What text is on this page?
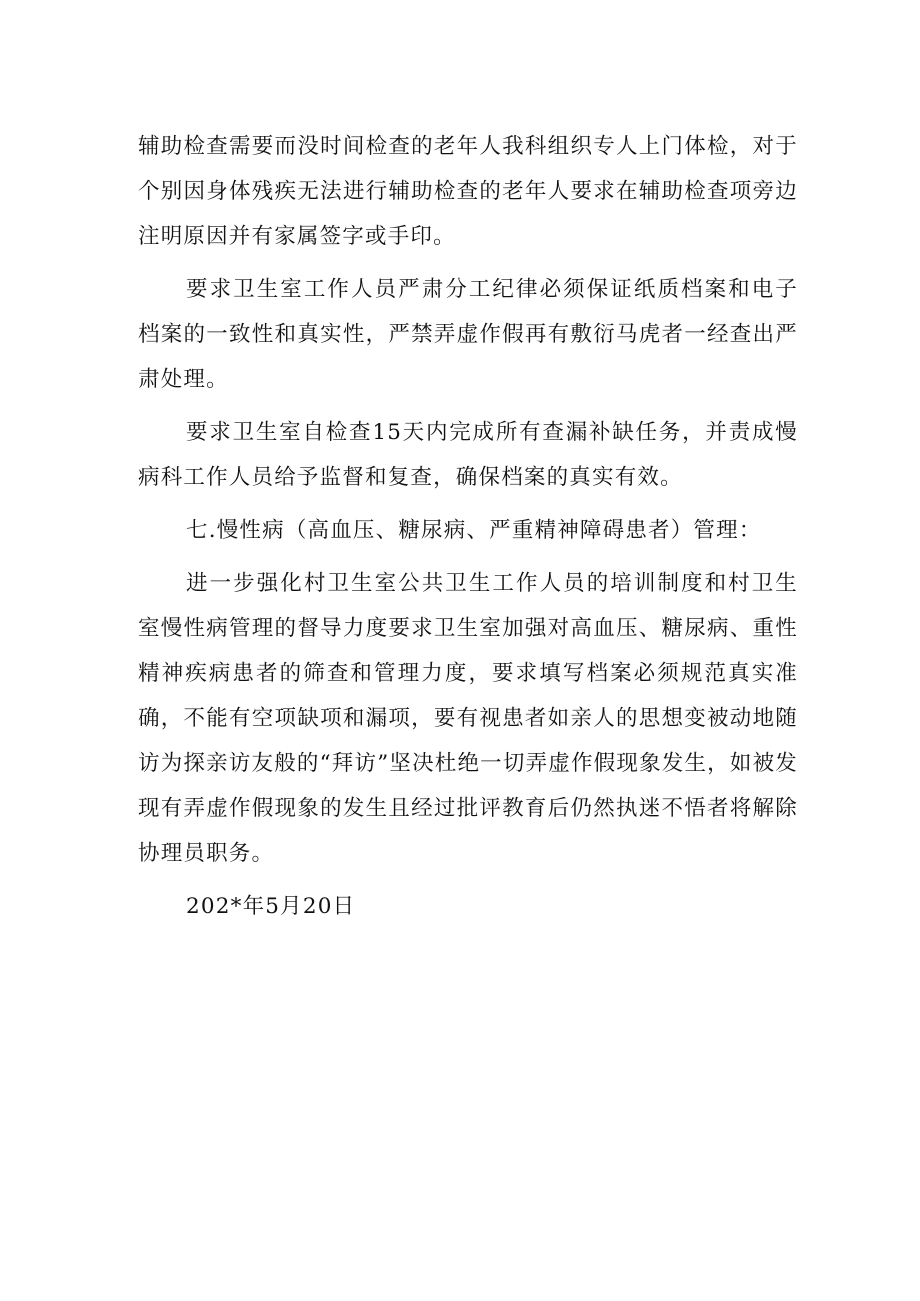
辅助检查需要而没时间检查的老年人我科组织专人上门体检，对于个别因身体残疾无法进行辅助检查的老年人要求在辅助检查项旁边注明原因并有家属签字或手印。

要求卫生室工作人员严肃分工纪律必须保证纸质档案和电子档案的一致性和真实性，严禁弄虚作假再有敷衍马虎者一经查出严肃处理。

要求卫生室自检查15天内完成所有查漏补缺任务，并责成慢病科工作人员给予监督和复查，确保档案的真实有效。

七.慢性病（高血压、糖尿病、严重精神障碍患者）管理：

进一步强化村卫生室公共卫生工作人员的培训制度和村卫生室慢性病管理的督导力度要求卫生室加强对高血压、糖尿病、重性精神疾病患者的筛查和管理力度，要求填写档案必须规范真实准确，不能有空项缺项和漏项，要有视患者如亲人的思想变被动地随访为探亲访友般的“拜访”坚决杜绝一切弄虚作假现象发生，如被发现有弄虚作假现象的发生且经过批评教育后仍然执迷不悟者将解除协理员职务。

202*年5月20日
